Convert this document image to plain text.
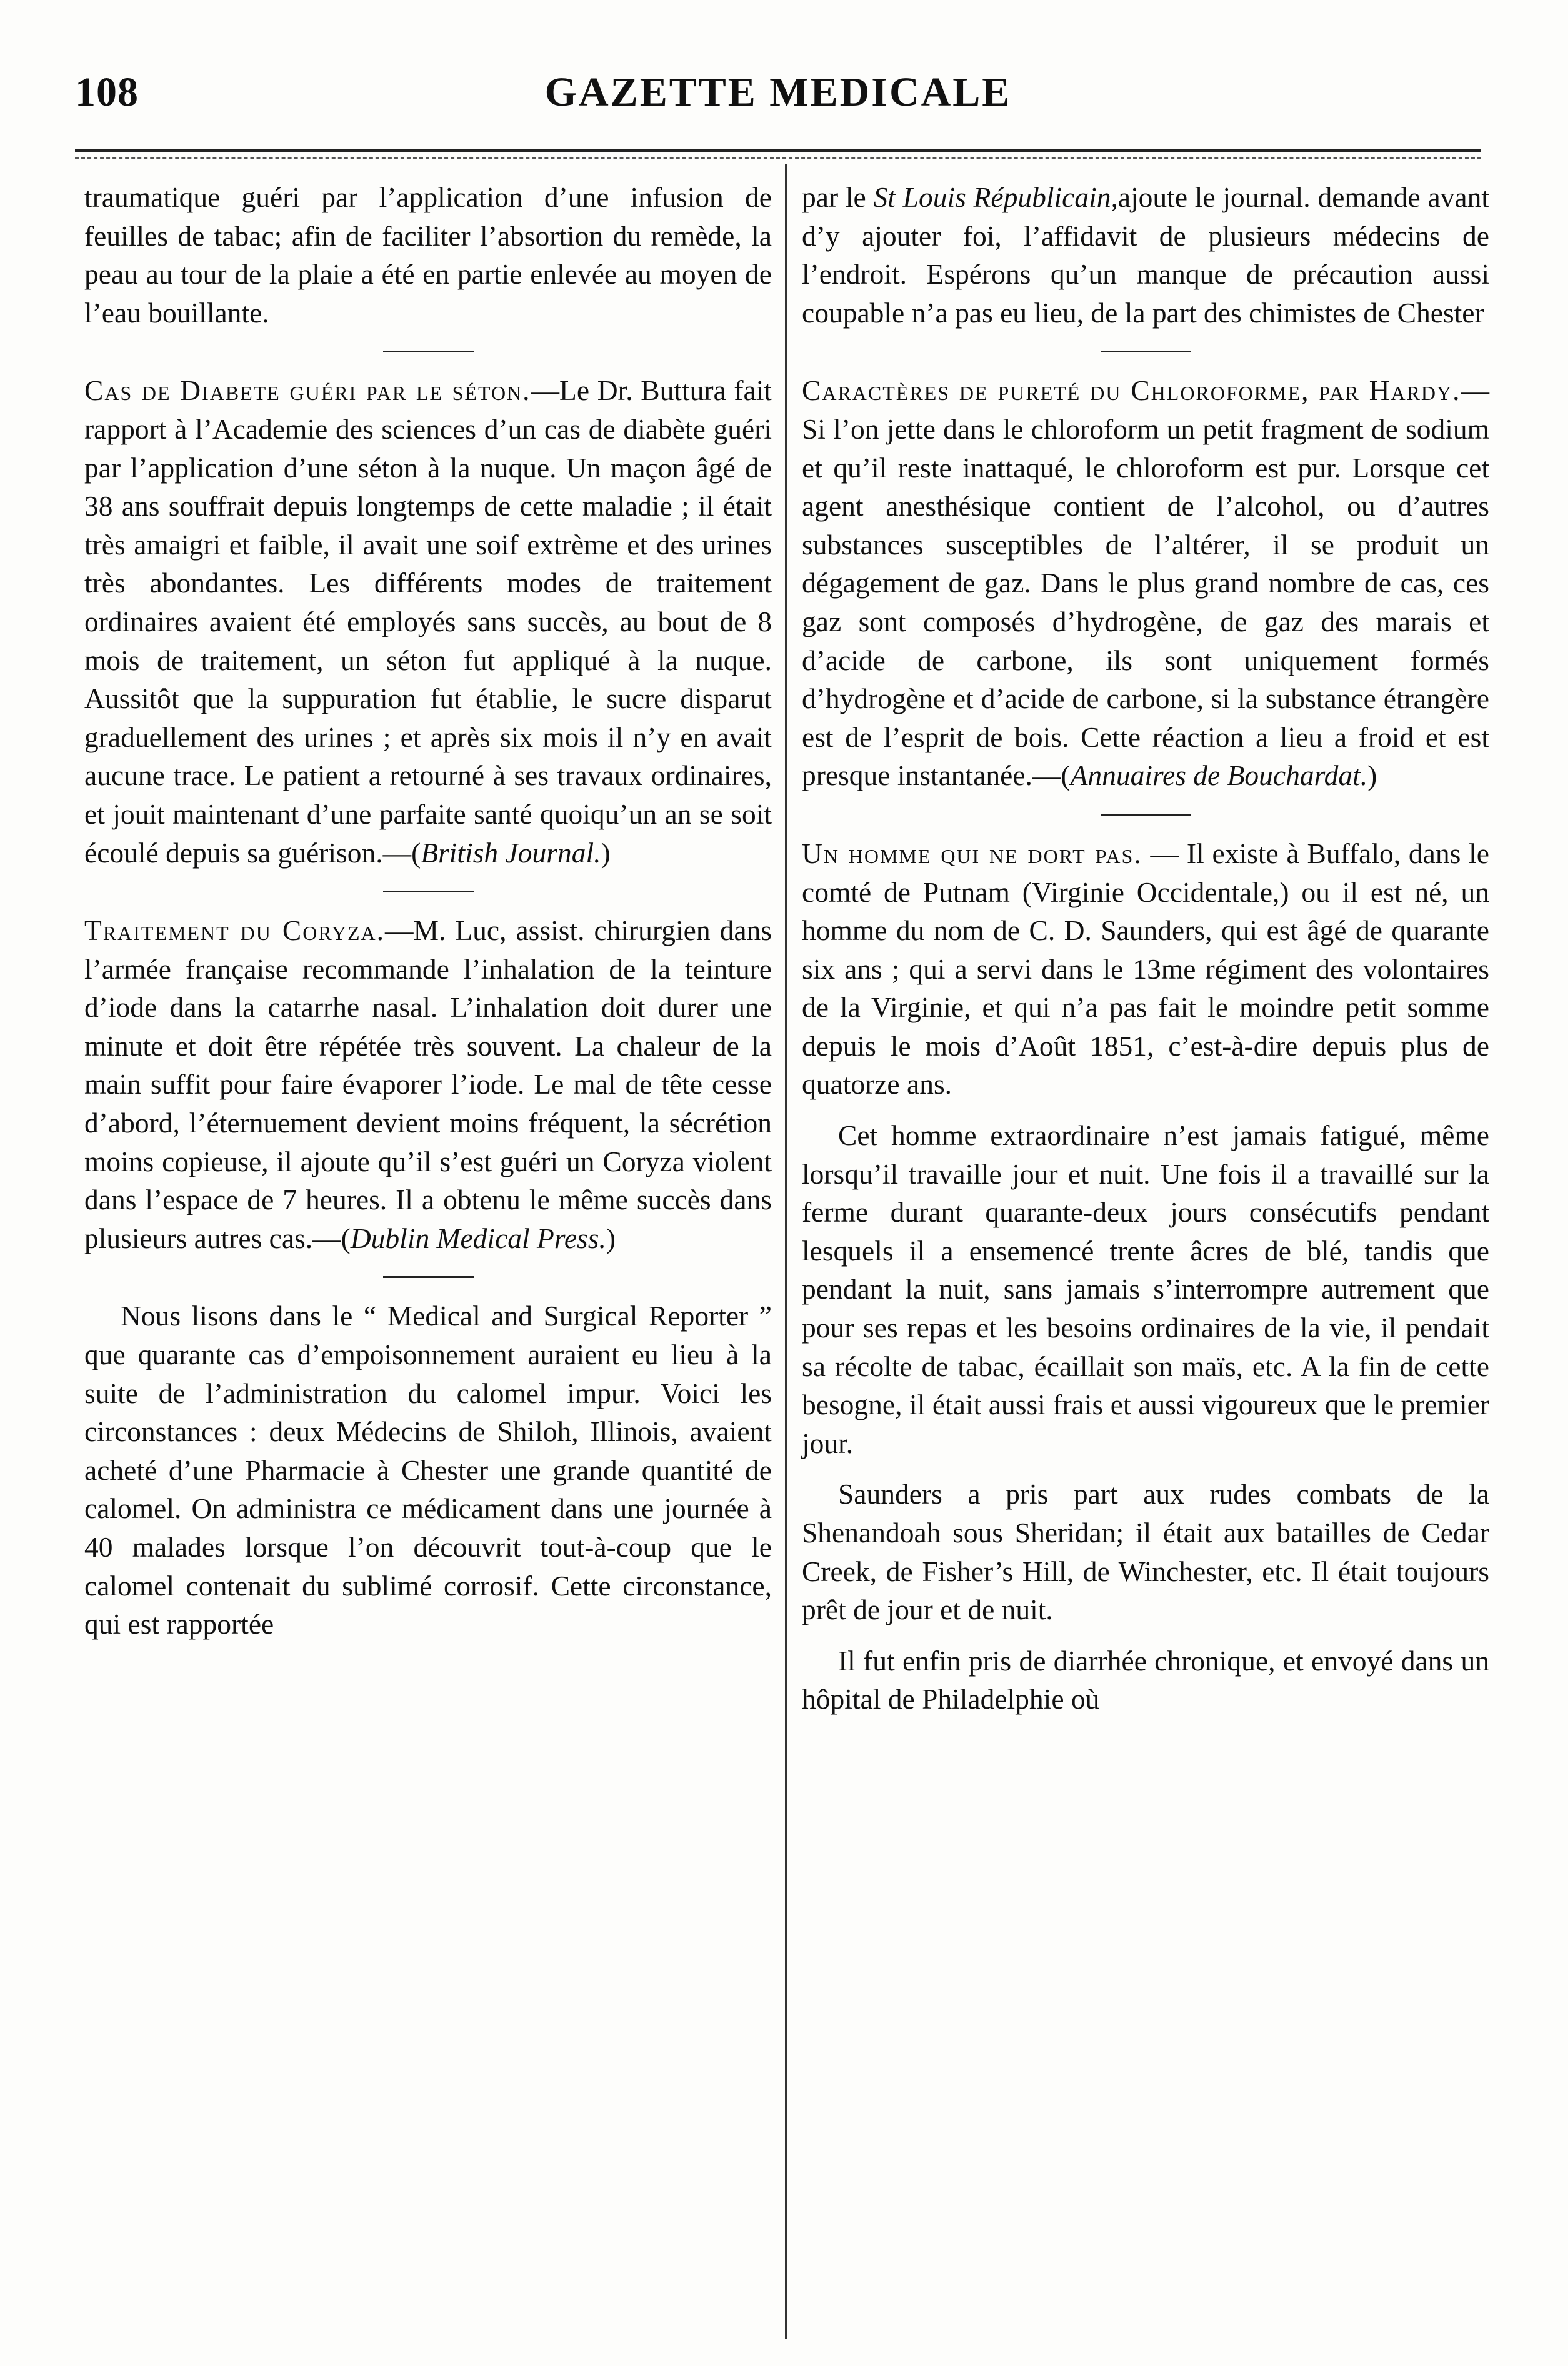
108	GAZETTE MEDICALE

traumatique guéri par l’application d’une infusion de feuilles de tabac; afin de faciliter l’absortion du remède, la peau au tour de la plaie a été en partie enlevée au moyen de l’eau bouillante.

Cas de Diabete guéri par le séton.—Le Dr. Buttura fait rapport à l’Academie des sciences d’un cas de diabète guéri par l’application d’une séton à la nuque. Un maçon âgé de 38 ans souffrait depuis longtemps de cette maladie ; il était très amaigri et faible, il avait une soif extrème et des urines très abondantes. Les différents modes de traitement ordinaires avaient été employés sans succès, au bout de 8 mois de traitement, un séton fut appliqué à la nuque. Aussitôt que la suppuration fut établie, le sucre disparut graduellement des urines ; et après six mois il n’y en avait aucune trace. Le patient a retourné à ses travaux ordinaires, et jouit maintenant d’une parfaite santé quoiqu’un an se soit écoulé depuis sa guérison.—(British Journal.)

Traitement du Coryza.—M. Luc, assist. chirurgien dans l’armée française recommande l’inhalation de la teinture d’iode dans la catarrhe nasal. L’inhalation doit durer une minute et doit être répétée très souvent. La chaleur de la main suffit pour faire évaporer l’iode. Le mal de tête cesse d’abord, l’éternuement devient moins fréquent, la sécrétion moins copieuse, il ajoute qu’il s’est guéri un Coryza violent dans l’espace de 7 heures. Il a obtenu le même succès dans plusieurs autres cas.—(Dublin Medical Press.)

Nous lisons dans le “ Medical and Surgical Reporter ” que quarante cas d’empoisonnement auraient eu lieu à la suite de l’administration du calomel impur. Voici les circonstances : deux Médecins de Shiloh, Illinois, avaient acheté d’une Pharmacie à Chester une grande quantité de calomel. On administra ce médicament dans une journée à 40 malades lorsque l’on découvrit tout-à-coup que le calomel contenait du sublimé corrosif. Cette circonstance, qui est rapportée

par le St Louis Républicain,ajoute le journal. demande avant d’y ajouter foi, l’affidavit de plusieurs médecins de l’endroit. Espérons qu’un manque de précaution aussi coupable n’a pas eu lieu, de la part des chimistes de Chester

Caractères de pureté du Chloroforme, par Hardy.—Si l’on jette dans le chloroform un petit fragment de sodium et qu’il reste inattaqué, le chloroform est pur. Lorsque cet agent anesthésique contient de l’alcohol, ou d’autres substances susceptibles de l’altérer, il se produit un dégagement de gaz. Dans le plus grand nombre de cas, ces gaz sont composés d’hydrogène, de gaz des marais et d’acide de carbone, ils sont uniquement formés d’hydrogène et d’acide de carbone, si la substance étrangère est de l’esprit de bois. Cette réaction a lieu a froid et est presque instantanée.—(Annuaires de Bouchardat.)

Un homme qui ne dort pas. — Il existe à Buffalo, dans le comté de Putnam (Virginie Occidentale,) ou il est né, un homme du nom de C. D. Saunders, qui est âgé de quarante six ans ; qui a servi dans le 13me régiment des volontaires de la Virginie, et qui n’a pas fait le moindre petit somme depuis le mois d’Août 1851, c’est-à-dire depuis plus de quatorze ans.

Cet homme extraordinaire n’est jamais fatigué, même lorsqu’il travaille jour et nuit. Une fois il a travaillé sur la ferme durant quarante-deux jours consécutifs pendant lesquels il a ensemencé trente âcres de blé, tandis que pendant la nuit, sans jamais s’interrompre autrement que pour ses repas et les besoins ordinaires de la vie, il pendait sa récolte de tabac, écaillait son maïs, etc. A la fin de cette besogne, il était aussi frais et aussi vigoureux que le premier jour.

Saunders a pris part aux rudes combats de la Shenandoah sous Sheridan; il était aux batailles de Cedar Creek, de Fisher’s Hill, de Winchester, etc. Il était toujours prêt de jour et de nuit.

Il fut enfin pris de diarrhée chronique, et envoyé dans un hôpital de Philadelphie où
